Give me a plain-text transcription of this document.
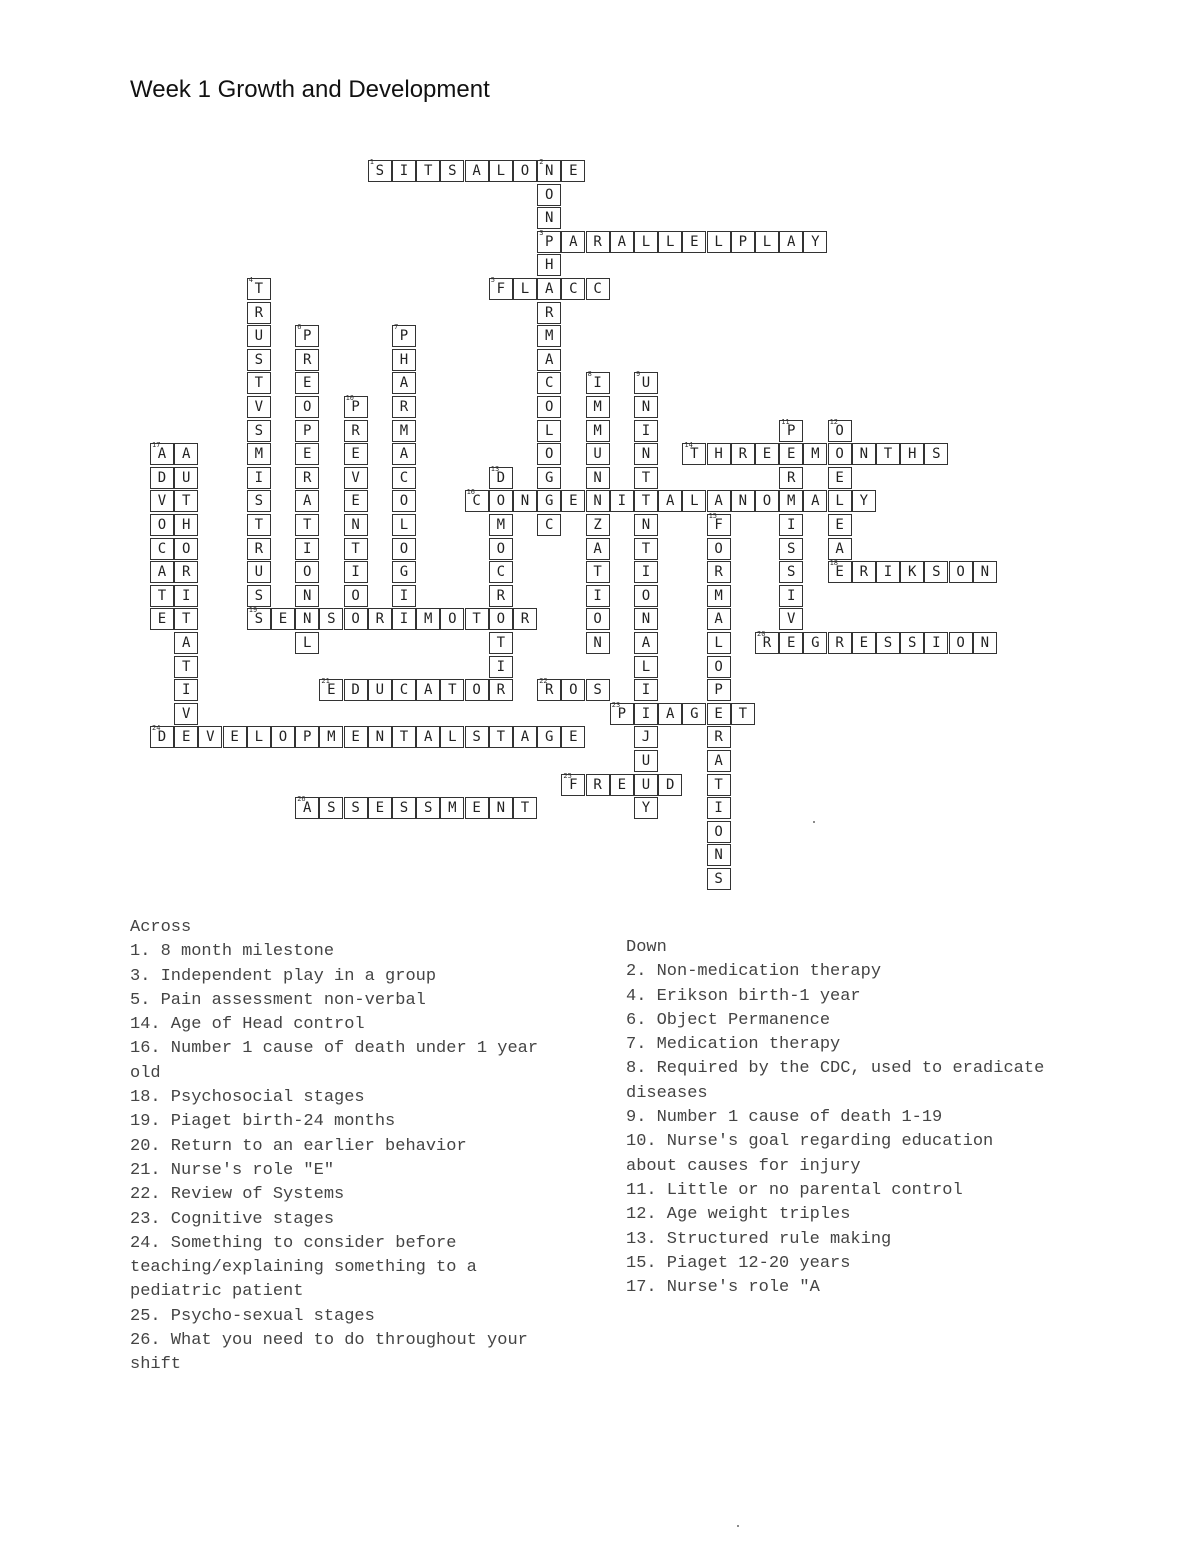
Week 1 Growth and Development
1
S	I	T	S	A	L	O
2
N	E
3
P	A	R	A	L	L	E	L	P	L	A	Y
5
F	L	A	C	C
14
T	H	R	E	E	M	O	N	T	H	S
16
C	O	N	G	E	N	I	T	A	L	A	N	O	M	A	L	Y
18
E	R	I	K	S	O	N
19
S	E	N	S	O	R	I	M	O	T	O	R
20
R	E	G	R	E	S	S	I	O	N
21
E	D	U	C	A	T	O	R
22
R	O	S
23
P	I	A	G	E	T
24
D	E	V	E	L	O	P	M	E	N	T	A	L	S	T	A	G	E
25
F	R	E	U	D
26
A	S	S	E	S	S	M	E	N	T
O
N
H
R
M
A
C
O
L
O
G
C
4
T
R
U
S
T
V
S
M
I
S
T
R
U
S
6
P
R
E
O
P
E
R
A
T
I
O
N
L
7
P
H
A
R
M
A
C
O
L
O
G
I
8
I
M
M
U
N
Z
A
T
I
O
N
9
U
N
I
N
T
N
T
I
O
N
A
L
I
J
U
Y
10
P
R
E
V
E
N
T
I
O
11
P
R
I
S
S
I
V
12
O
E
E
A
13
D
M
O
C
R
T
I
15
F
O
R
M
A
L
O
P
R
A
T
I
O
N
S
17
A
D
V
O
C
A
T
E
A
U
T
H
O
R
I
T
A
T
I
V
Across
1. 8 month milestone
3. Independent play in a group
5. Pain assessment non-verbal
14. Age of Head control
16. Number 1 cause of death under 1 year old
18. Psychosocial stages
19. Piaget birth-24 months
20. Return to an earlier behavior
21. Nurse's role "E"
22. Review of Systems
23. Cognitive stages
24. Something to consider before teaching/explaining something to a pediatric patient
25. Psycho-sexual stages
26. What you need to do throughout your shift
Down
2. Non-medication therapy
4. Erikson birth-1 year
6. Object Permanence
7. Medication therapy
8. Required by the CDC, used to eradicate diseases
9. Number 1 cause of death 1-19
10. Nurse's goal regarding education about causes for injury
11. Little or no parental control
12. Age weight triples
13. Structured rule making
15. Piaget 12-20 years
17. Nurse's role "A
